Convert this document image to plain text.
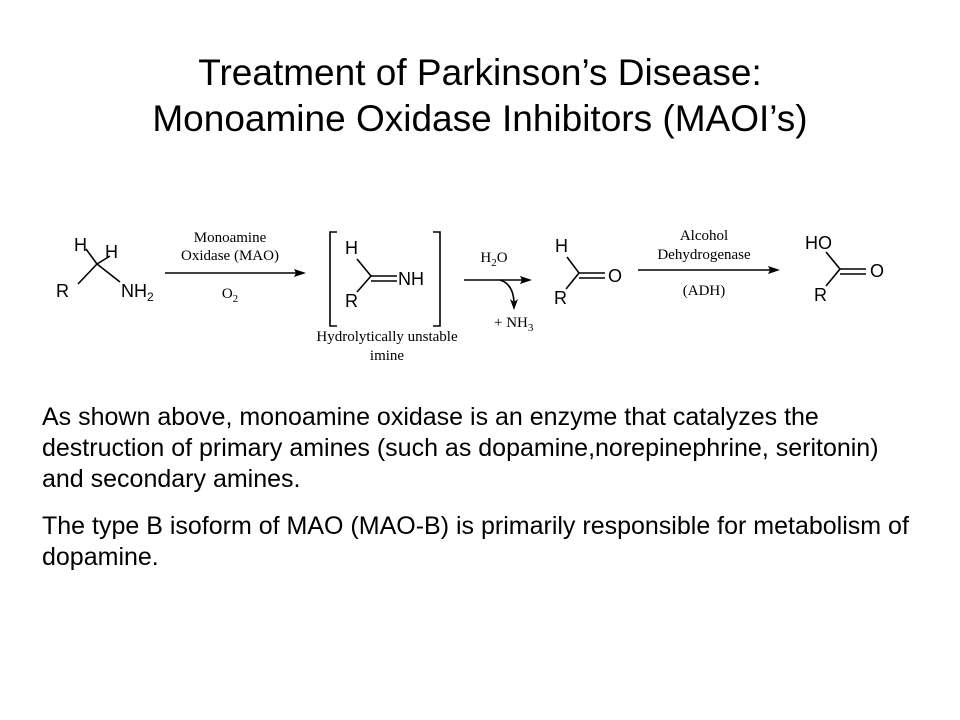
Treatment of Parkinson’s Disease:
Monoamine Oxidase Inhibitors (MAOI’s)
H H
R	$NH_2$
Monoamine
Oxidase (MAO)
$O_2$
H
NH
R
Hydrolytically unstable
imine
$H_2O$
+ $NH_3$
H
O
R
Alcohol
Dehydrogenase
(ADH)
HO
O
R

As shown above, monoamine oxidase is an enzyme that catalyzes the destruction of primary amines (such as dopamine,norepinephrine, seritonin) and secondary amines.

The type B isoform of MAO (MAO-B) is primarily responsible for metabolism of dopamine.
